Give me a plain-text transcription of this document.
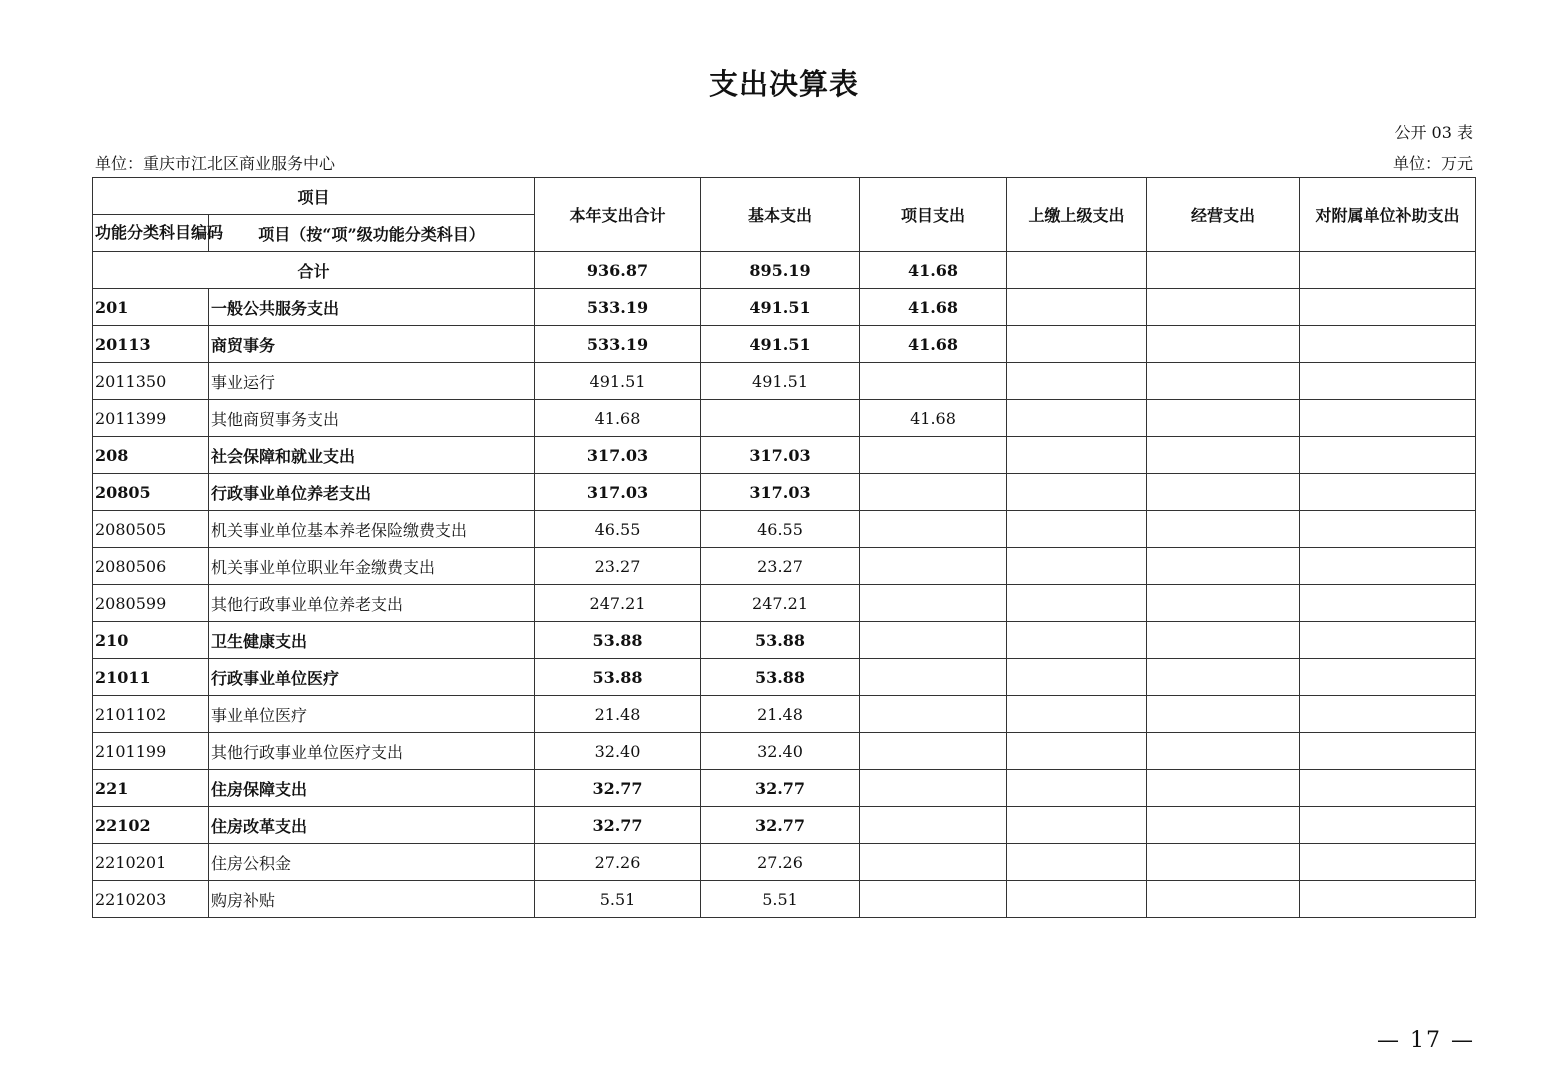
支出决算表
公开 03 表
单位：重庆市江北区商业服务中心	单位：万元
项目		本年支出合计	基本支出	项目支出	上缴上级支出	经营支出	对附属单位补助支出
功能分类科目编码	项目（按“项”级功能分类科目）						
合计		936.87	895.19	41.68			
201	一般公共服务支出	533.19	491.51	41.68			
20113	商贸事务	533.19	491.51	41.68			
2011350	事业运行	491.51	491.51				
2011399	其他商贸事务支出	41.68		41.68			
208	社会保障和就业支出	317.03	317.03				
20805	行政事业单位养老支出	317.03	317.03				
2080505	机关事业单位基本养老保险缴费支出	46.55	46.55				
2080506	机关事业单位职业年金缴费支出	23.27	23.27				
2080599	其他行政事业单位养老支出	247.21	247.21				
210	卫生健康支出	53.88	53.88				
21011	行政事业单位医疗	53.88	53.88				
2101102	事业单位医疗	21.48	21.48				
2101199	其他行政事业单位医疗支出	32.40	32.40				
221	住房保障支出	32.77	32.77				
22102	住房改革支出	32.77	32.77				
2210201	住房公积金	27.26	27.26				
2210203	购房补贴	5.51	5.51				
— 17 —
